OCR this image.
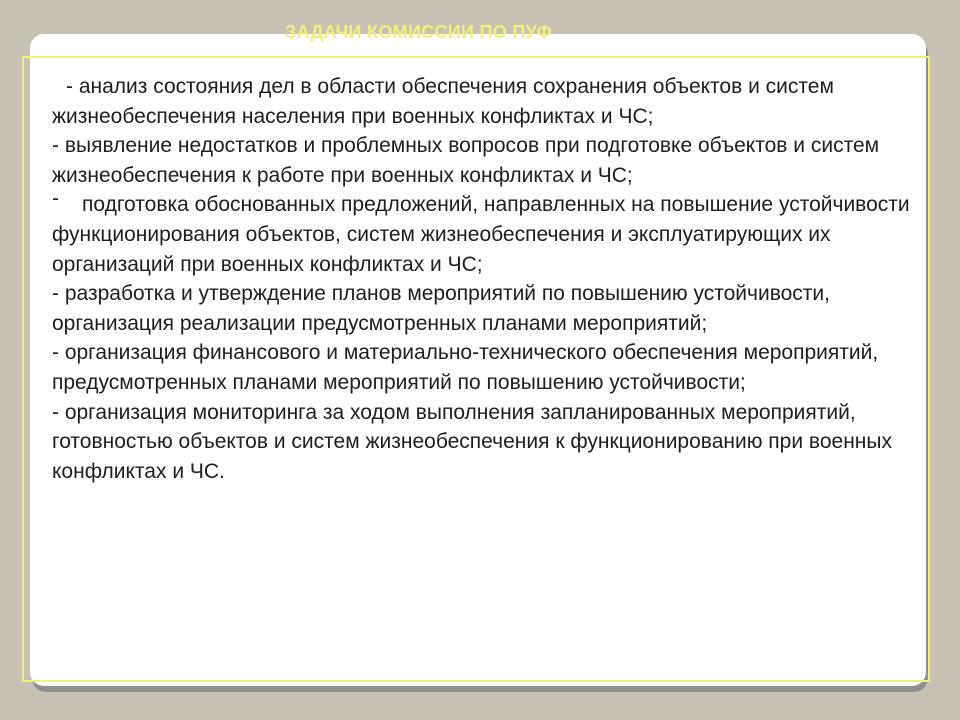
ЗАДАЧИ КОМИССИИ ПО ПУФ

- анализ состояния дел в области обеспечения сохранения объектов и систем жизнеобеспечения населения при военных конфликтах и ЧС;

- выявление недостатков и проблемных вопросов при подготовке объектов и систем жизнеобеспечения к работе при военных конфликтах и ЧС;

- подготовка обоснованных предложений, направленных на повышение устойчивости функционирования объектов, систем жизнеобеспечения и эксплуатирующих их организаций при военных конфликтах и ЧС;

- разработка и утверждение планов мероприятий по повышению устойчивости, организация реализации предусмотренных планами мероприятий;

- организация финансового и материально-технического обеспечения мероприятий, предусмотренных планами мероприятий по повышению устойчивости;

- организация мониторинга за ходом выполнения запланированных мероприятий, готовностью объектов и систем жизнеобеспечения к функционированию при военных конфликтах и ЧС.
